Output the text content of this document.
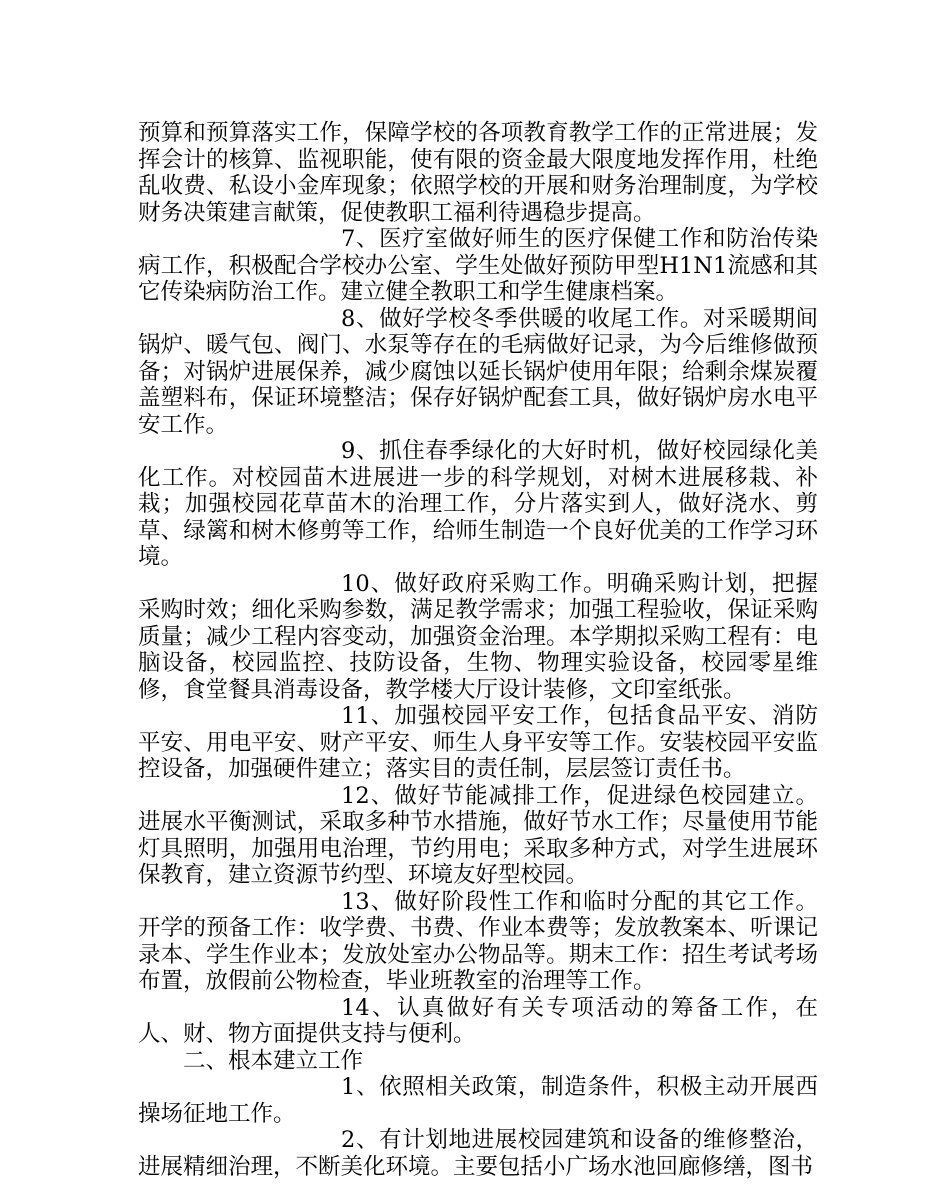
预算和预算落实工作，保障学校的各项教育教学工作的正常进展；发挥会计的核算、监视职能，使有限的资金最大限度地发挥作用，杜绝乱收费、私设小金库现象；依照学校的开展和财务治理制度，为学校财务决策建言献策，促使教职工福利待遇稳步提高。

7、医疗室做好师生的医疗保健工作和防治传染病工作，积极配合学校办公室、学生处做好预防甲型H1N1流感和其它传染病防治工作。建立健全教职工和学生健康档案。

8、做好学校冬季供暖的收尾工作。对采暖期间锅炉、暖气包、阀门、水泵等存在的毛病做好记录，为今后维修做预备；对锅炉进展保养，减少腐蚀以延长锅炉使用年限；给剩余煤炭覆盖塑料布，保证环境整洁；保存好锅炉配套工具，做好锅炉房水电平安工作。

9、抓住春季绿化的大好时机，做好校园绿化美化工作。对校园苗木进展进一步的科学规划，对树木进展移栽、补栽；加强校园花草苗木的治理工作，分片落实到人，做好浇水、剪草、绿篱和树木修剪等工作，给师生制造一个良好优美的工作学习环境。

10、做好政府采购工作。明确采购计划，把握采购时效；细化采购参数，满足教学需求；加强工程验收，保证采购质量；减少工程内容变动，加强资金治理。本学期拟采购工程有：电脑设备，校园监控、技防设备，生物、物理实验设备，校园零星维修，食堂餐具消毒设备，教学楼大厅设计装修，文印室纸张。

11、加强校园平安工作，包括食品平安、消防平安、用电平安、财产平安、师生人身平安等工作。安装校园平安监控设备，加强硬件建立；落实目的责任制，层层签订责任书。

12、做好节能减排工作，促进绿色校园建立。进展水平衡测试，采取多种节水措施，做好节水工作；尽量使用节能灯具照明，加强用电治理，节约用电；采取多种方式，对学生进展环保教育，建立资源节约型、环境友好型校园。

13、做好阶段性工作和临时分配的其它工作。开学的预备工作：收学费、书费、作业本费等；发放教案本、听课记录本、学生作业本；发放处室办公物品等。期末工作：招生考试考场布置，放假前公物检查，毕业班教室的治理等工作。

14、认真做好有关专项活动的筹备工作，在人、财、物方面提供支持与便利。

二、根本建立工作

1、依照相关政策，制造条件，积极主动开展西操场征地工作。

2、有计划地进展校园建筑和设备的维修整治，进展精细治理，不断美化环境。主要包括小广场水池回廊修缮，图书
